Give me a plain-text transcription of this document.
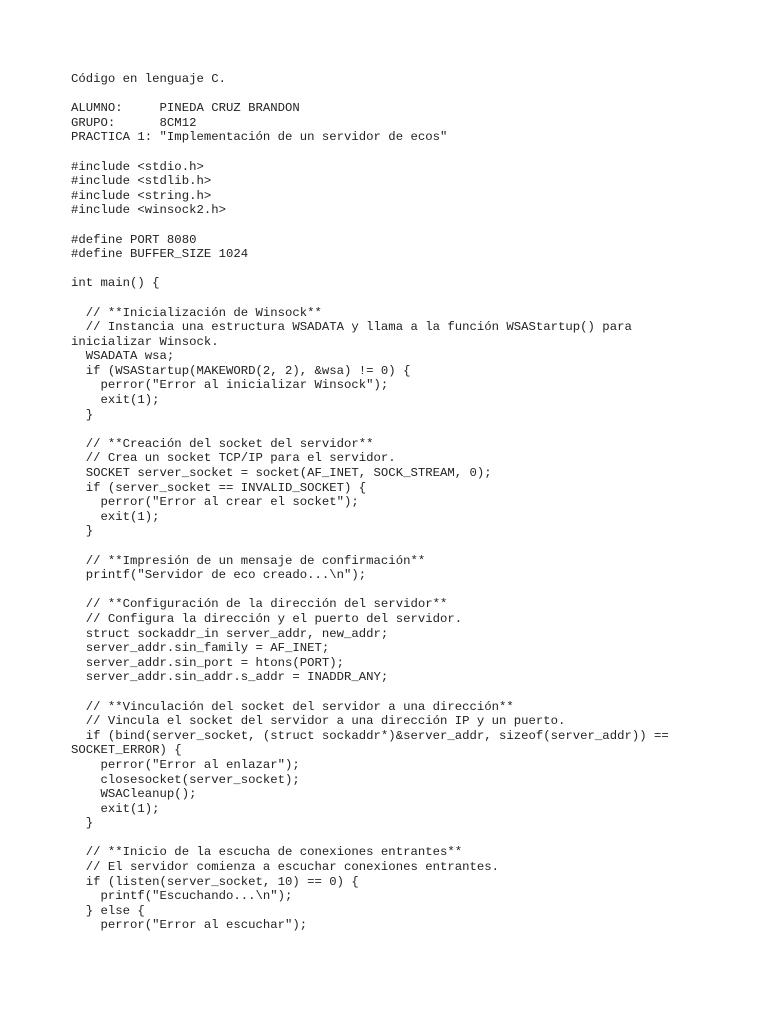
Código en lenguaje C.
ALUMNO:     PINEDA CRUZ BRANDON
GRUPO:      8CM12
PRACTICA 1: "Implementación de un servidor de ecos"
#include <stdio.h>
#include <stdlib.h>
#include <string.h>
#include <winsock2.h>
#define PORT 8080
#define BUFFER_SIZE 1024
int main() {
// **Inicialización de Winsock**
// Instancia una estructura WSADATA y llama a la función WSAStartup() para
inicializar Winsock.
WSADATA wsa;
if (WSAStartup(MAKEWORD(2, 2), &wsa) != 0) {
perror("Error al inicializar Winsock");
exit(1);
}
// **Creación del socket del servidor**
// Crea un socket TCP/IP para el servidor.
SOCKET server_socket = socket(AF_INET, SOCK_STREAM, 0);
if (server_socket == INVALID_SOCKET) {
perror("Error al crear el socket");
exit(1);
}
// **Impresión de un mensaje de confirmación**
printf("Servidor de eco creado...\n");
// **Configuración de la dirección del servidor**
// Configura la dirección y el puerto del servidor.
struct sockaddr_in server_addr, new_addr;
server_addr.sin_family = AF_INET;
server_addr.sin_port = htons(PORT);
server_addr.sin_addr.s_addr = INADDR_ANY;
// **Vinculación del socket del servidor a una dirección**
// Vincula el socket del servidor a una dirección IP y un puerto.
if (bind(server_socket, (struct sockaddr*)&server_addr, sizeof(server_addr)) ==
SOCKET_ERROR) {
perror("Error al enlazar");
closesocket(server_socket);
WSACleanup();
exit(1);
}
// **Inicio de la escucha de conexiones entrantes**
// El servidor comienza a escuchar conexiones entrantes.
if (listen(server_socket, 10) == 0) {
printf("Escuchando...\n");
} else {
perror("Error al escuchar");
